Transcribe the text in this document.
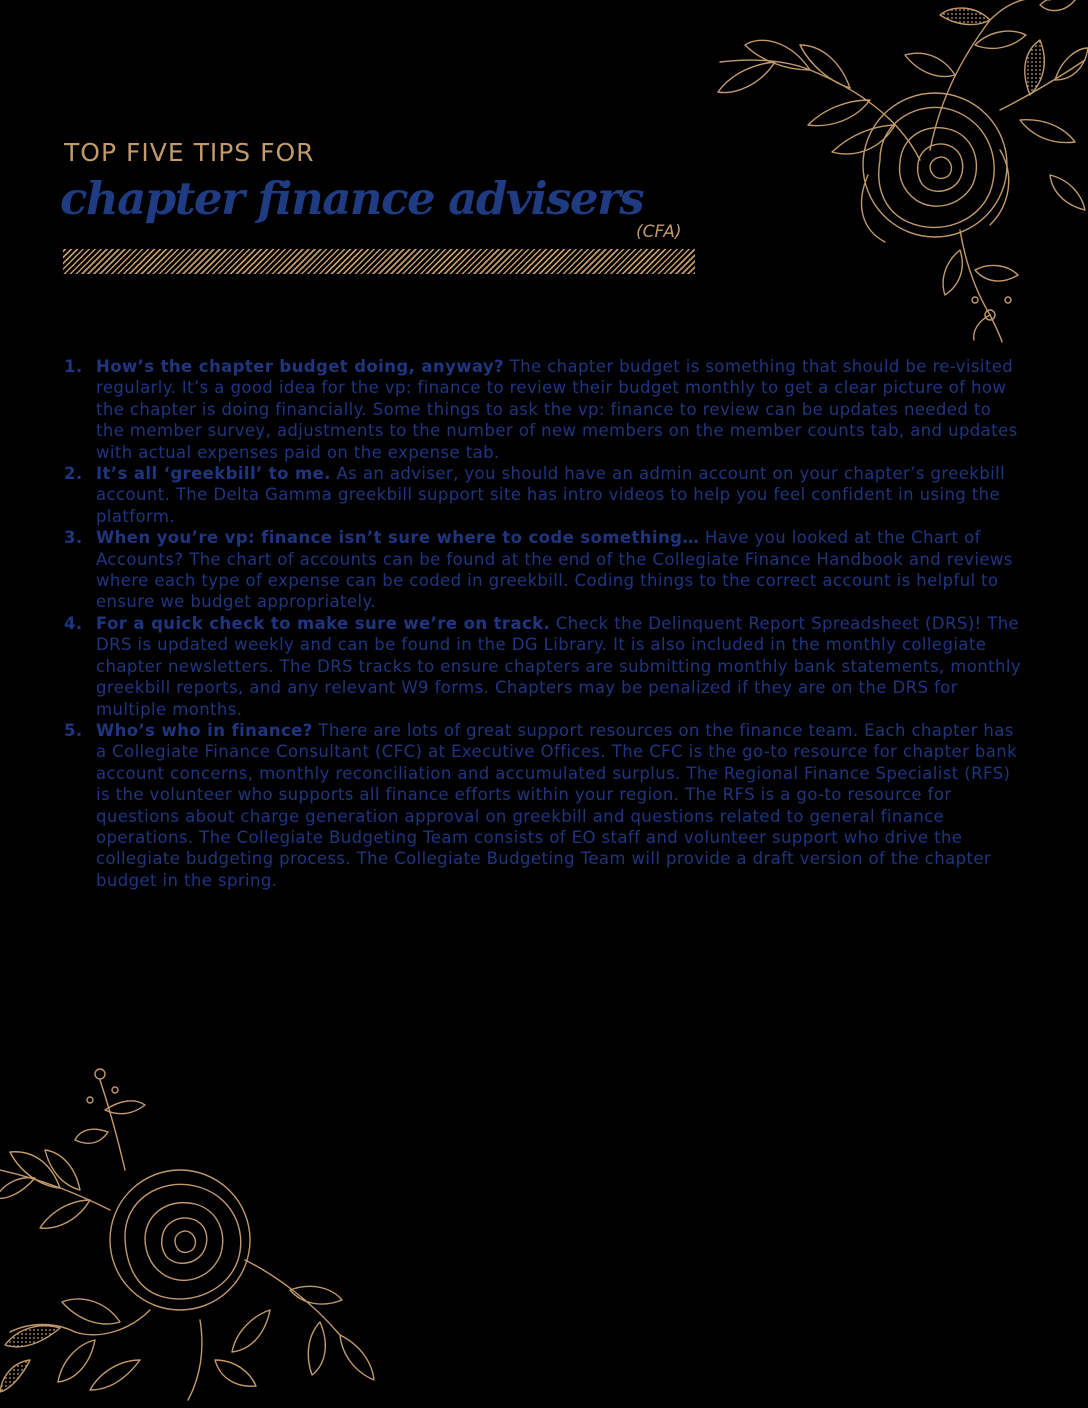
TOP FIVE TIPS FOR
chapter finance advisers
(CFA)
1. How’s the chapter budget doing, anyway? The chapter budget is something that should be re-visited regularly. It’s a good idea for the vp: finance to review their budget monthly to get a clear picture of how the chapter is doing financially. Some things to ask the vp: finance to review can be updates needed to the member survey, adjustments to the number of new members on the member counts tab, and updates with actual expenses paid on the expense tab.
2. It’s all ‘greekbill’ to me. As an adviser, you should have an admin account on your chapter’s greekbill account. The Delta Gamma greekbill support site has intro videos to help you feel confident in using the platform.
3. When you’re vp: finance isn’t sure where to code something… Have you looked at the Chart of Accounts? The chart of accounts can be found at the end of the Collegiate Finance Handbook and reviews where each type of expense can be coded in greekbill. Coding things to the correct account is helpful to ensure we budget appropriately.
4. For a quick check to make sure we’re on track. Check the Delinquent Report Spreadsheet (DRS)! The DRS is updated weekly and can be found in the DG Library. It is also included in the monthly collegiate chapter newsletters. The DRS tracks to ensure chapters are submitting monthly bank statements, monthly greekbill reports, and any relevant W9 forms. Chapters may be penalized if they are on the DRS for multiple months.
5. Who’s who in finance? There are lots of great support resources on the finance team. Each chapter has a Collegiate Finance Consultant (CFC) at Executive Offices. The CFC is the go-to resource for chapter bank account concerns, monthly reconciliation and accumulated surplus. The Regional Finance Specialist (RFS) is the volunteer who supports all finance efforts within your region. The RFS is a go-to resource for questions about charge generation approval on greekbill and questions related to general finance operations. The Collegiate Budgeting Team consists of EO staff and volunteer support who drive the collegiate budgeting process. The Collegiate Budgeting Team will provide a draft version of the chapter budget in the spring.
